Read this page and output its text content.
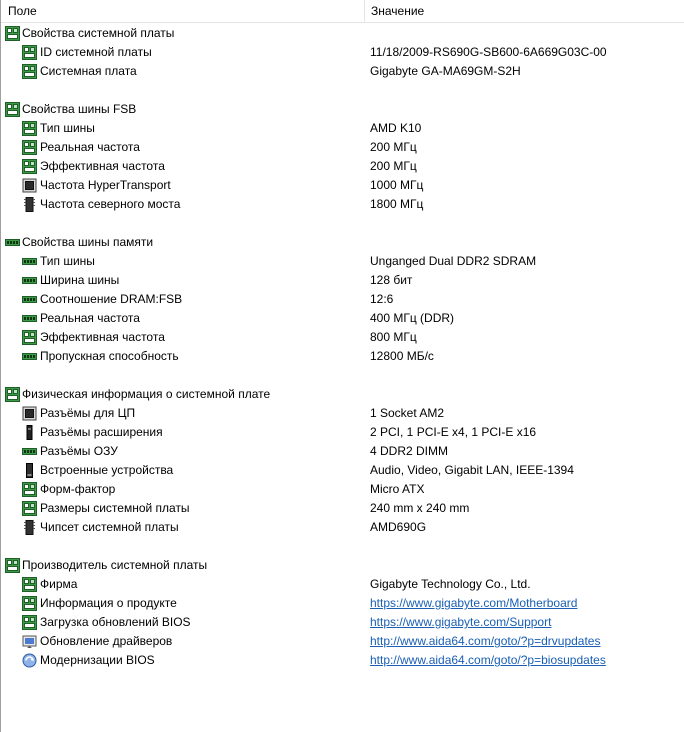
Поле	Значение
Свойства системной платы
ID системной платы	11/18/2009-RS690G-SB600-6A669G03C-00
Системная плата	Gigabyte GA-MA69GM-S2H
Свойства шины FSB
Тип шины	AMD K10
Реальная частота	200 МГц
Эффективная частота	200 МГц
Частота HyperTransport	1000 МГц
Частота северного моста	1800 МГц
Свойства шины памяти
Тип шины	Unganged Dual DDR2 SDRAM
Ширина шины	128 бит
Соотношение DRAM:FSB	12:6
Реальная частота	400 МГц (DDR)
Эффективная частота	800 МГц
Пропускная способность	12800 МБ/с
Физическая информация о системной плате
Разъёмы для ЦП	1 Socket AM2
Разъёмы расширения	2 PCI, 1 PCI-E x4, 1 PCI-E x16
Разъёмы ОЗУ	4 DDR2 DIMM
Встроенные устройства	Audio, Video, Gigabit LAN, IEEE-1394
Форм-фактор	Micro ATX
Размеры системной платы	240 mm x 240 mm
Чипсет системной платы	AMD690G
Производитель системной платы
Фирма	Gigabyte Technology Co., Ltd.
Информация о продукте	https://www.gigabyte.com/Motherboard
Загрузка обновлений BIOS	https://www.gigabyte.com/Support
Обновление драйверов	http://www.aida64.com/goto/?p=drvupdates
Модернизации BIOS	http://www.aida64.com/goto/?p=biosupdates
